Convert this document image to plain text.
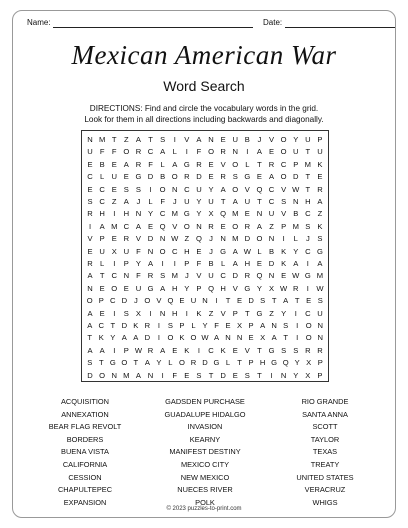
Name:	Date:
Mexican American War
Word Search
DIRECTIONS: Find and circle the vocabulary words in the grid.
Look for them in all directions including backwards and diagonally.
N M T Z A T S	I	V A N E U B	J	V O Y U P
U F F O R C A L	I	F O R N	I	A E O U T U
E B E A R F	L A G R E V O L	T R C P M K
C L U E G D B O R D E R S G E A O D T E
E C E S S	I	O N C U Y A O V Q C V W T R
S C Z A	J	L	F	J U Y U T A U T C S N H A
R H	I	H N Y C M G Y X Q M E N U V B C Z
I	A M C A E Q V O N R E O R A Z P M S K
V P E R V D N W Z Q J N M D O N	I	L	J	S
E U X U F N O C H E	J G A W L B K Y C G
R L	I	P Y A	I	I	P F B L A H E D K A	I	A
A T C N F R S M J	V U C D R Q N E W G M
N E O E U G A H Y P Q H V G Y X W R	I W
O P C D J O V Q E U N	I	T E D S T A T E S
A E	I	S X	I	N H	I	K Z V P T G Z Y	I	C U
A C T D K R	I	S P L Y F E X P A N S	I O N
T K Y A A D	I O K O W A N N E X A T	I O N
A A	I	P W R A E K	I	C K E V T G S S R R
S T G O T A Y L O R D G L T P H G Q Y X P
D O N M A N	I	F E S T D E S T	I	N Y X P
ACQUISITION
ANNEXATION
BEAR FLAG REVOLT
BORDERS
BUENA VISTA
CALIFORNIA
CESSION
CHAPULTEPEC
EXPANSION
GADSDEN PURCHASE
GUADALUPE HIDALGO
INVASION
KEARNY
MANIFEST DESTINY
MEXICO CITY
NEW MEXICO
NUECES RIVER
POLK
RIO GRANDE
SANTA ANNA
SCOTT
TAYLOR
TEXAS
TREATY
UNITED STATES
VERACRUZ
WHIGS
© 2023 puzzles-to-print.com
